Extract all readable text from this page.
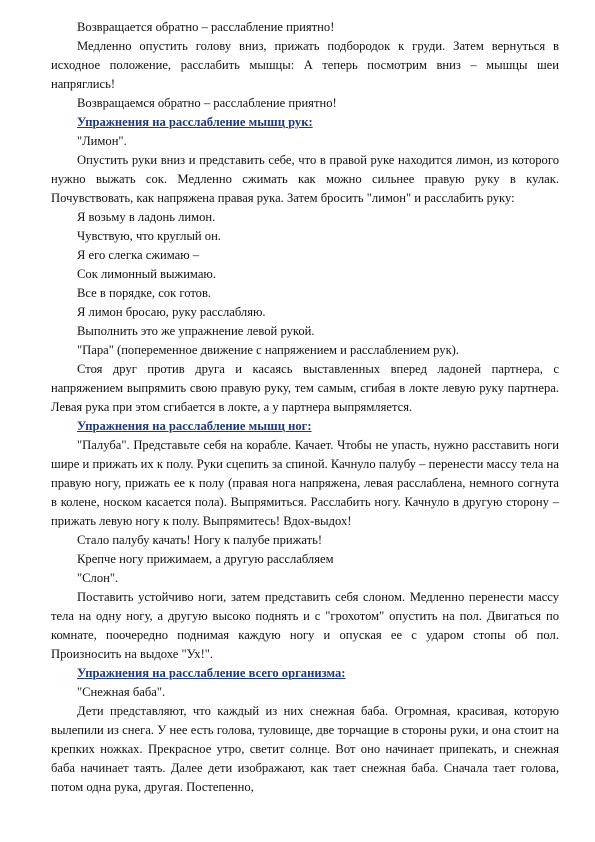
Возвращается обратно – расслабление приятно!

Медленно опустить голову вниз, прижать подбородок к груди. Затем вернуться в исходное положение, расслабить мышцы: А теперь посмотрим вниз – мышцы шеи напряглись!

Возвращаемся обратно – расслабление приятно!

Упражнения на расслабление мышц рук:

"Лимон".

Опустить руки вниз и представить себе, что в правой руке находится лимон, из которого нужно выжать сок. Медленно сжимать как можно сильнее правую руку в кулак. Почувствовать, как напряжена правая рука. Затем бросить "лимон" и расслабить руку:

Я возьму в ладонь лимон.

Чувствую, что круглый он.

Я его слегка сжимаю –

Сок лимонный выжимаю.

Все в порядке, сок готов.

Я лимон бросаю, руку расслабляю.

Выполнить это же упражнение левой рукой.

"Пара" (попеременное движение с напряжением и расслаблением рук).

Стоя друг против друга и касаясь выставленных вперед ладоней партнера, с напряжением выпрямить свою правую руку, тем самым, сгибая в локте левую руку партнера. Левая рука при этом сгибается в локте, а у партнера выпрямляется.

Упражнения на расслабление мышц ног:

"Палуба". Представьте себя на корабле. Качает. Чтобы не упасть, нужно расставить ноги шире и прижать их к полу. Руки сцепить за спиной. Качнуло палубу – перенести массу тела на правую ногу, прижать ее к полу (правая нога напряжена, левая расслаблена, немного согнута в колене, носком касается пола). Выпрямиться. Расслабить ногу. Качнуло в другую сторону – прижать левую ногу к полу. Выпрямитесь! Вдох-выдох!

Стало палубу качать! Ногу к палубе прижать!

Крепче ногу прижимаем, а другую расслабляем

"Слон".

Поставить устойчиво ноги, затем представить себя слоном. Медленно перенести массу тела на одну ногу, а другую высоко поднять и с "грохотом" опустить на пол. Двигаться по комнате, поочередно поднимая каждую ногу и опуская ее с ударом стопы об пол. Произносить на выдохе "Ух!".

Упражнения на расслабление всего организма:

"Снежная баба".

Дети представляют, что каждый из них снежная баба. Огромная, красивая, которую вылепили из снега. У нее есть голова, туловище, две торчащие в стороны руки, и она стоит на крепких ножках. Прекрасное утро, светит солнце. Вот оно начинает припекать, и снежная баба начинает таять. Далее дети изображают, как тает снежная баба. Сначала тает голова, потом одна рука, другая. Постепенно,
